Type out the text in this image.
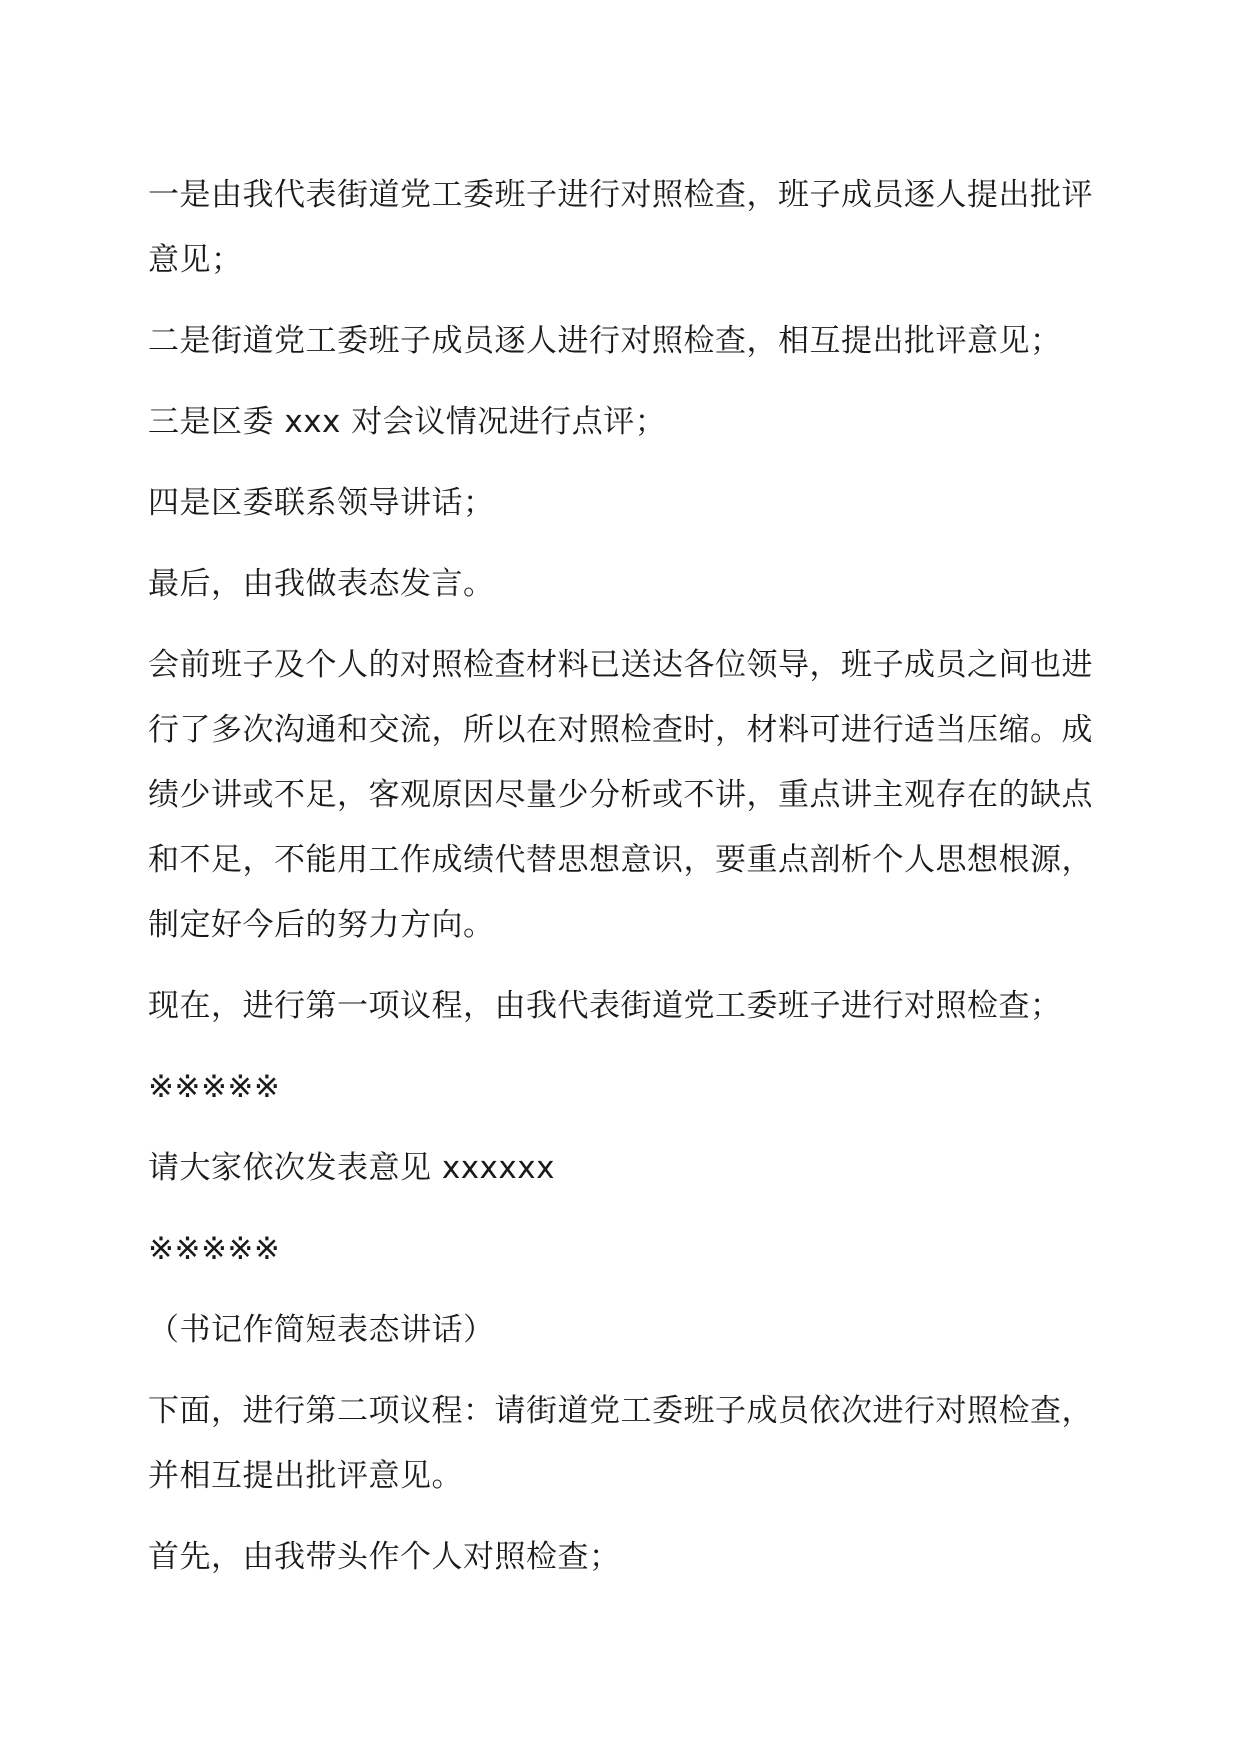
一是由我代表街道党工委班子进行对照检查，班子成员逐人提出批评意见；

二是街道党工委班子成员逐人进行对照检查，相互提出批评意见；

三是区委 xxx 对会议情况进行点评；

四是区委联系领导讲话；

最后，由我做表态发言。

会前班子及个人的对照检查材料已送达各位领导，班子成员之间也进行了多次沟通和交流，所以在对照检查时，材料可进行适当压缩。成绩少讲或不足，客观原因尽量少分析或不讲，重点讲主观存在的缺点和不足，不能用工作成绩代替思想意识，要重点剖析个人思想根源，制定好今后的努力方向。

现在，进行第一项议程，由我代表街道党工委班子进行对照检查；

※※※※※

请大家依次发表意见 xxxxxx

※※※※※

（书记作简短表态讲话）

下面，进行第二项议程：请街道党工委班子成员依次进行对照检查，并相互提出批评意见。

首先，由我带头作个人对照检查；
